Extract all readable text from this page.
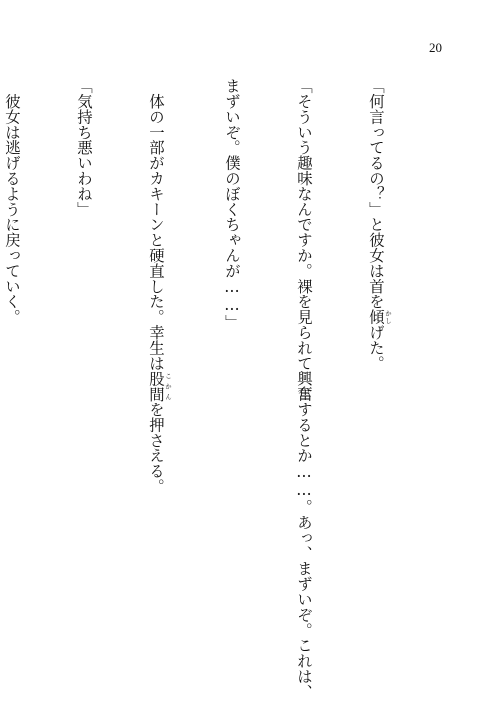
20

「何言ってるの？」と彼女は首を傾 かしげた。

「そういう趣味なんですか。裸を見られて興奮するとか……。あっ、まずいぞ。これは、

まずいぞ。僕のぼくちゃんが……」

　体の一部がカキーンと硬直した。幸生は股間 こかんを押さえる。

「気持ち悪いわね」

　彼女は逃げるように戻っていく。
